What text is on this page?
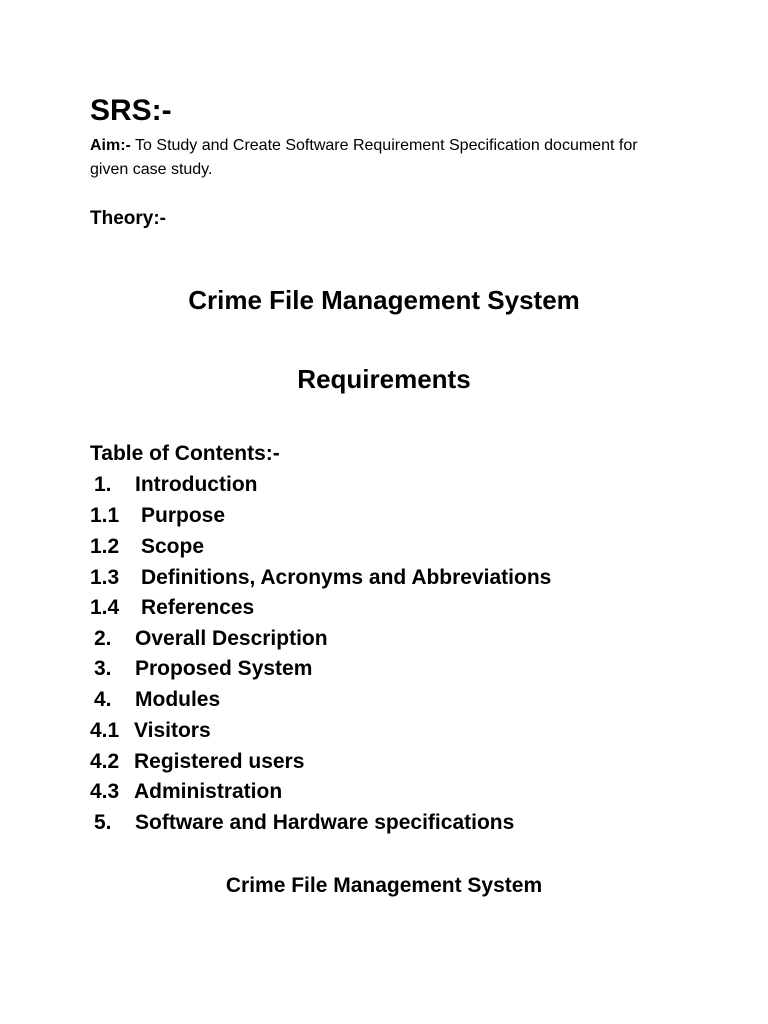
SRS:-
Aim:- To Study and Create Software Requirement Specification document for given case study.
Theory:-
Crime File Management System
Requirements
Table of Contents:-
1. Introduction
1.1 Purpose
1.2 Scope
1.3 Definitions, Acronyms and Abbreviations
1.4 References
2. Overall Description
3. Proposed System
4. Modules
4.1 Visitors
4.2 Registered users
4.3 Administration
5. Software and Hardware specifications
Crime File Management System
